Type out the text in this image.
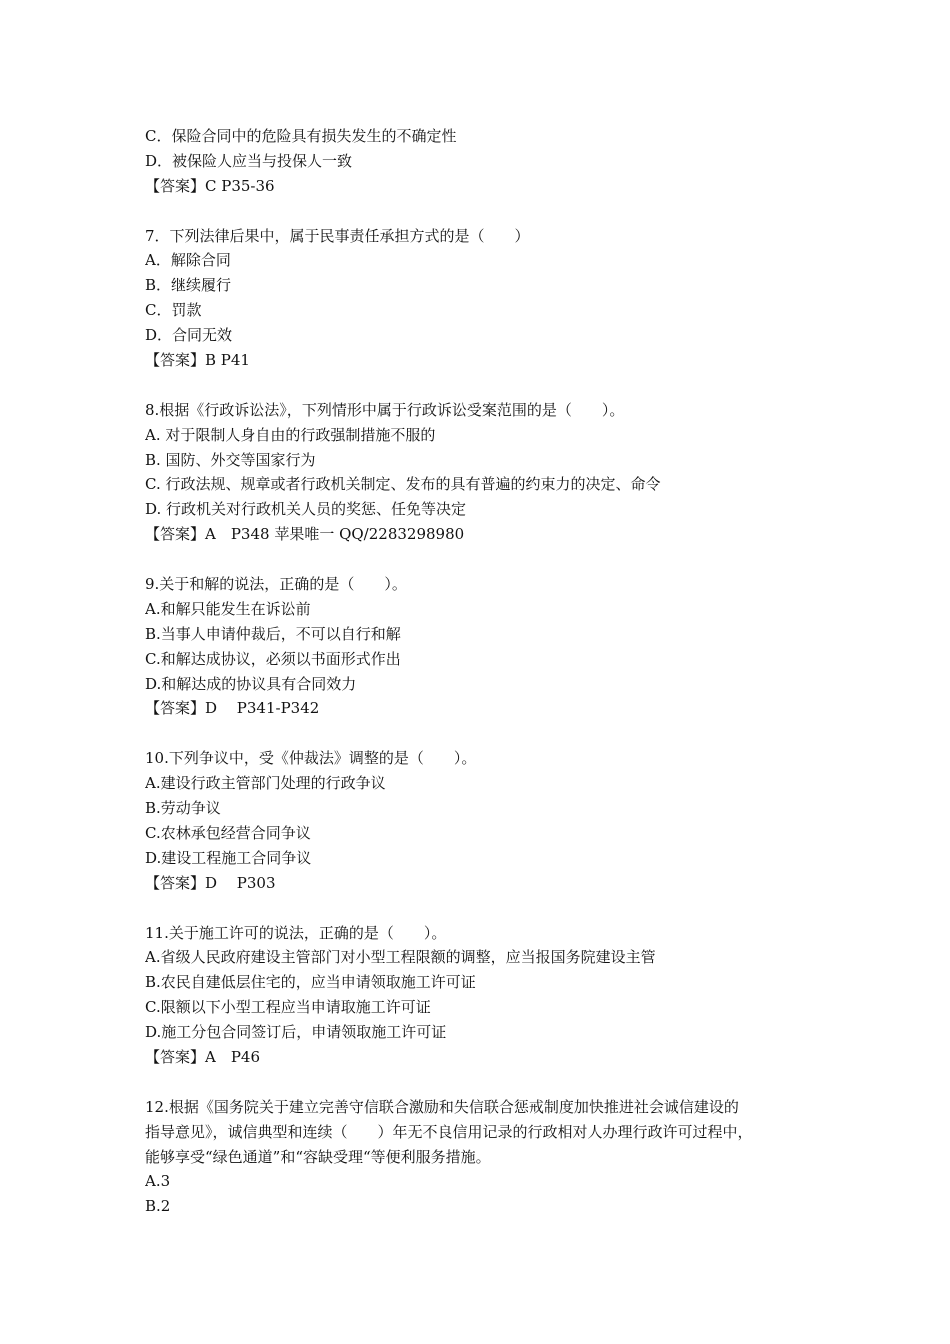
C．保险合同中的危险具有损失发生的不确定性
D．被保险人应当与投保人一致
【答案】C P35-36
7．下列法律后果中，属于民事责任承担方式的是（　　）
A．解除合同
B．继续履行
C．罚款
D．合同无效
【答案】B P41
8.根据《行政诉讼法》，下列情形中属于行政诉讼受案范围的是（　　）。
A. 对于限制人身自由的行政强制措施不服的
B. 国防、外交等国家行为
C. 行政法规、规章或者行政机关制定、发布的具有普遍的约束力的决定、命令
D. 行政机关对行政机关人员的奖惩、任免等决定
【答案】A　P348 苹果唯一 QQ/2283298980
9.关于和解的说法，正确的是（　　）。
A.和解只能发生在诉讼前
B.当事人申请仲裁后，不可以自行和解
C.和解达成协议，必须以书面形式作出
D.和解达成的协议具有合同效力
【答案】D　 P341-P342
10.下列争议中，受《仲裁法》调整的是（　　）。
A.建设行政主管部门处理的行政争议
B.劳动争议
C.农林承包经营合同争议
D.建设工程施工合同争议
【答案】D　 P303
11.关于施工许可的说法，正确的是（　　）。
A.省级人民政府建设主管部门对小型工程限额的调整，应当报国务院建设主管
B.农民自建低层住宅的，应当申请领取施工许可证
C.限额以下小型工程应当申请取施工许可证
D.施工分包合同签订后，申请领取施工许可证
【答案】A　P46
12.根据《国务院关于建立完善守信联合激励和失信联合惩戒制度加快推进社会诚信建设的
指导意见》，诚信典型和连续（　　）年无不良信用记录的行政相对人办理行政许可过程中，
能够享受“绿色通道”和“容缺受理“等便利服务措施。
A.3
B.2
